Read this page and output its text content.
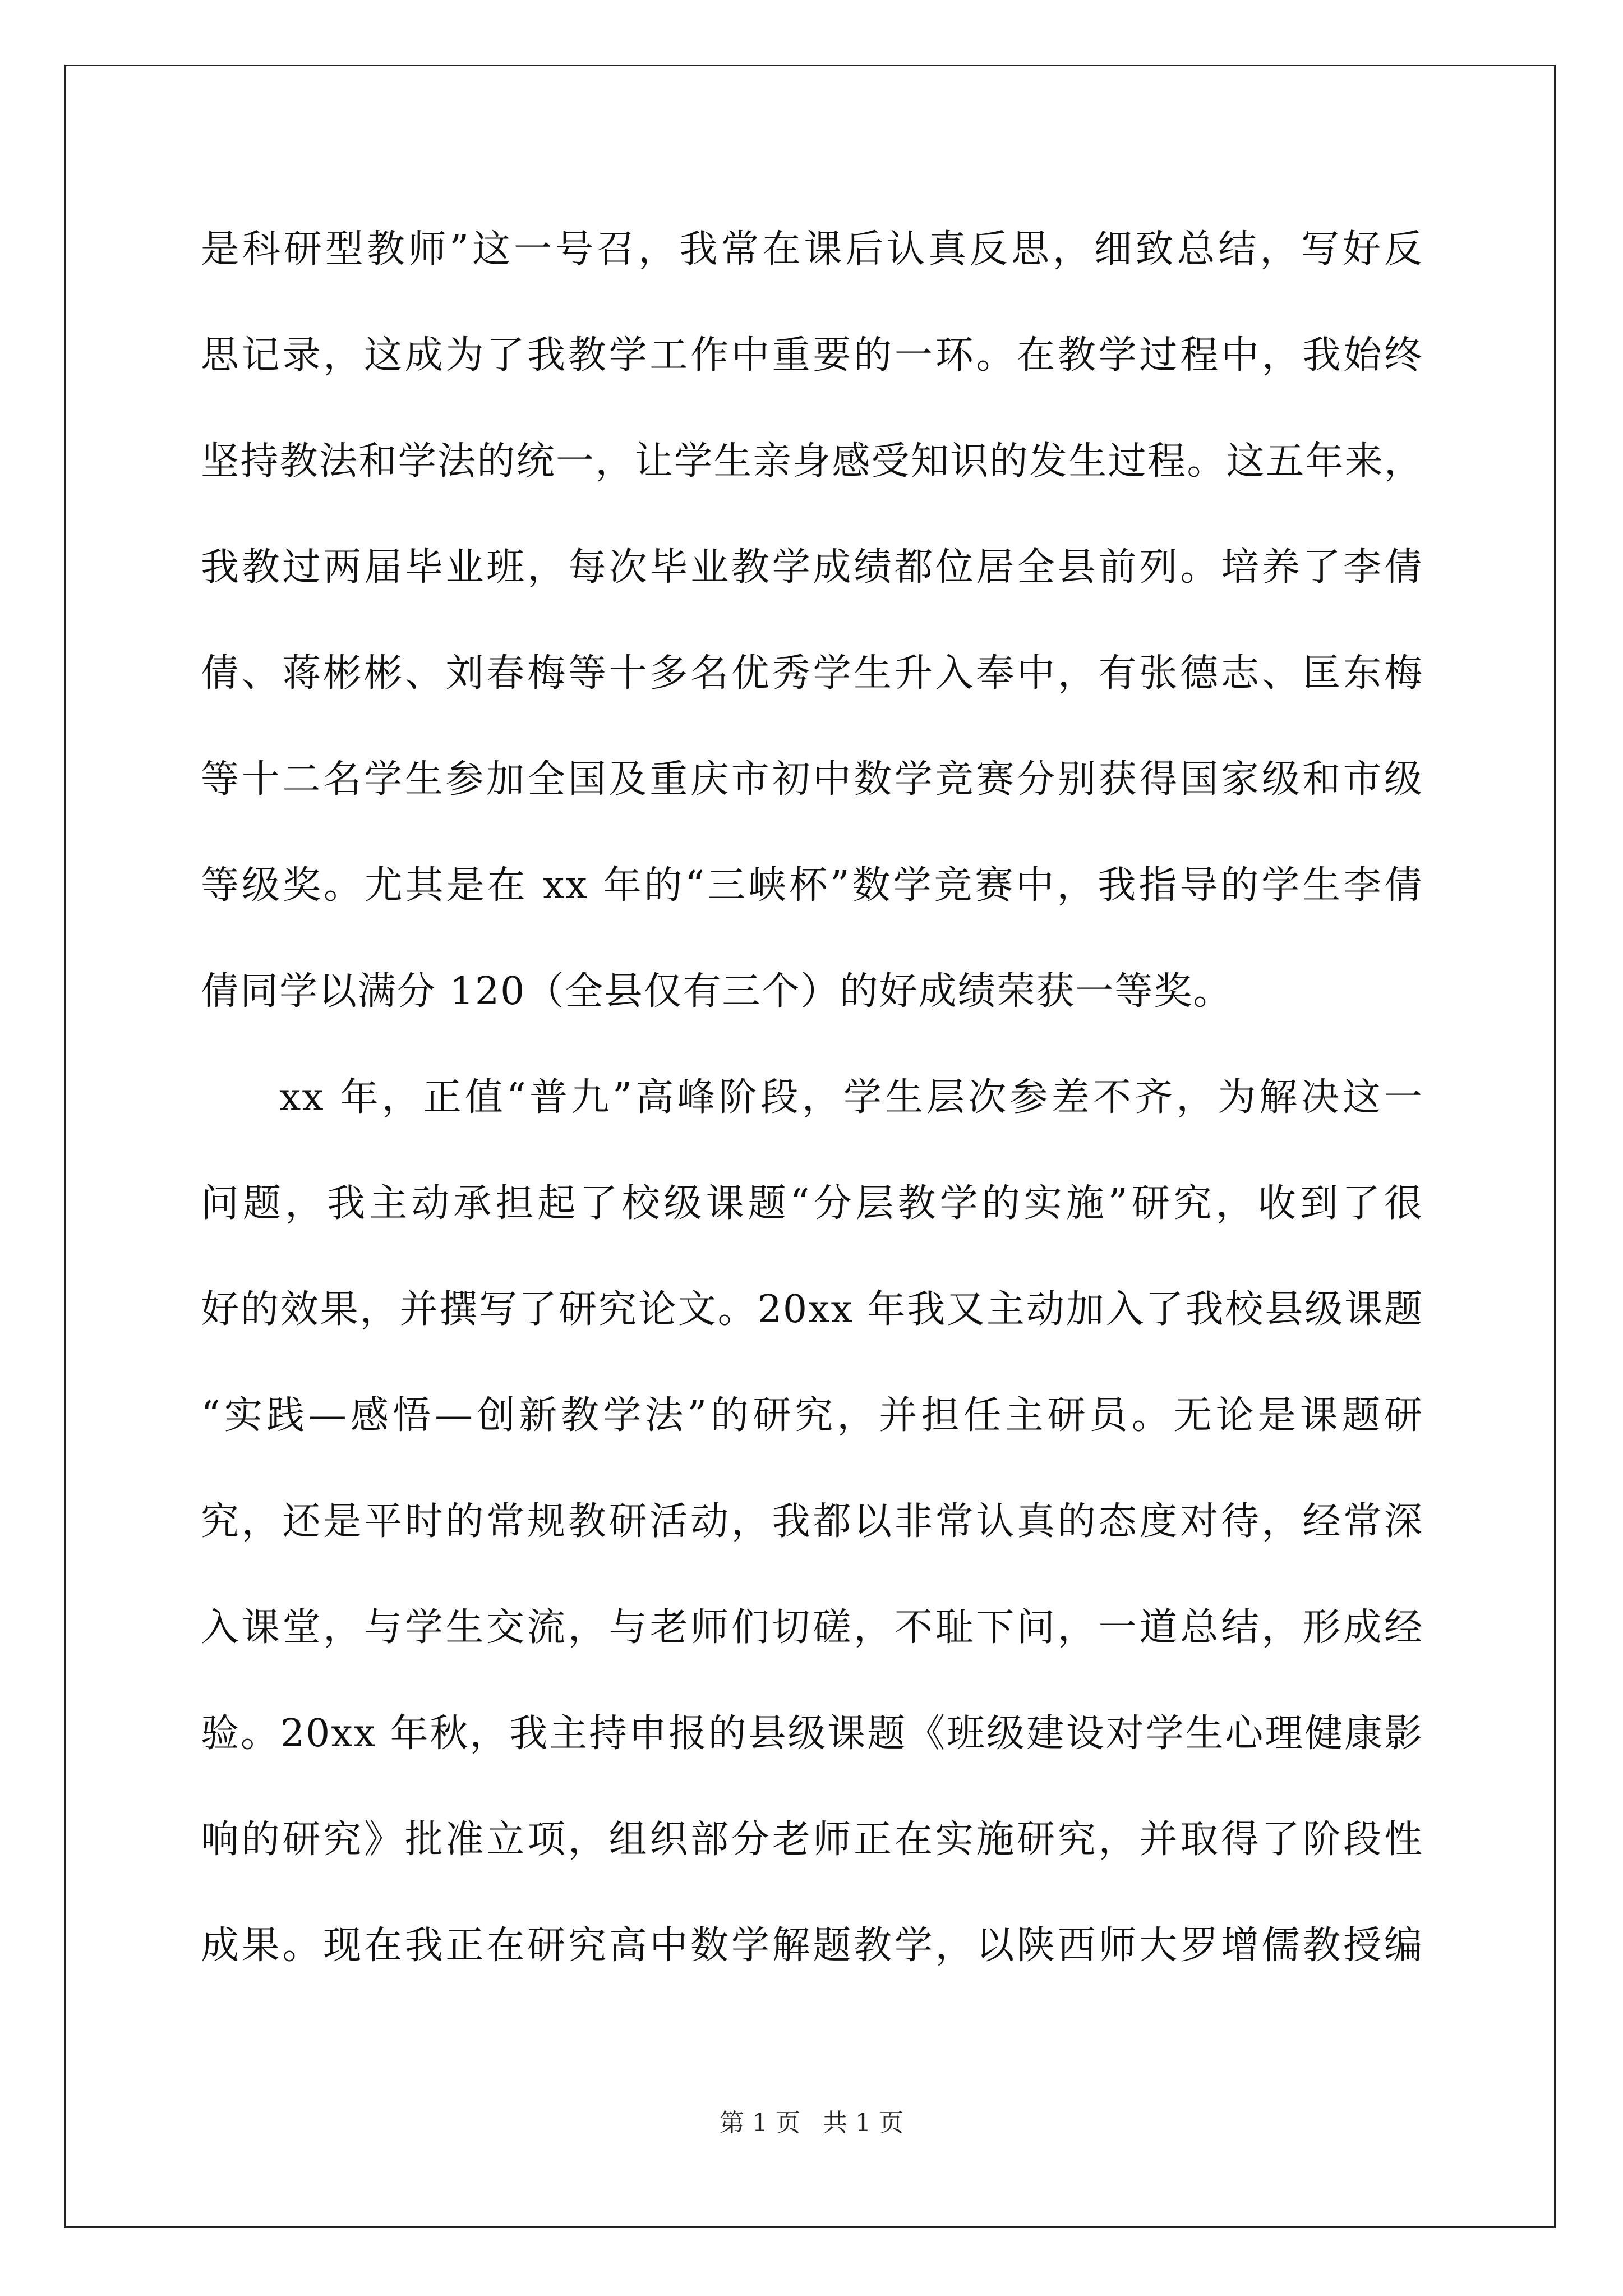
是科研型教师”这一号召，我常在课后认真反思，细致总结，写好反
思记录，这成为了我教学工作中重要的一环。在教学过程中，我始终
坚持教法和学法的统一，让学生亲身感受知识的发生过程。这五年来，
我教过两届毕业班，每次毕业教学成绩都位居全县前列。培养了李倩
倩、蒋彬彬、刘春梅等十多名优秀学生升入奉中，有张德志、匡东梅
等十二名学生参加全国及重庆市初中数学竞赛分别获得国家级和市级
等级奖。尤其是在 xx 年的“三峡杯”数学竞赛中，我指导的学生李倩
倩同学以满分 120（全县仅有三个）的好成绩荣获一等奖。
xx 年，正值“普九”高峰阶段，学生层次参差不齐，为解决这一
问题，我主动承担起了校级课题“分层教学的实施”研究，收到了很
好的效果，并撰写了研究论文。20xx 年我又主动加入了我校县级课题
“实践—感悟—创新教学法”的研究，并担任主研员。无论是课题研
究，还是平时的常规教研活动，我都以非常认真的态度对待，经常深
入课堂，与学生交流，与老师们切磋，不耻下问，一道总结，形成经
验。20xx 年秋，我主持申报的县级课题《班级建设对学生心理健康影
响的研究》批准立项，组织部分老师正在实施研究，并取得了阶段性
成果。现在我正在研究高中数学解题教学，以陕西师大罗增儒教授编
第 1 页 共 1 页
